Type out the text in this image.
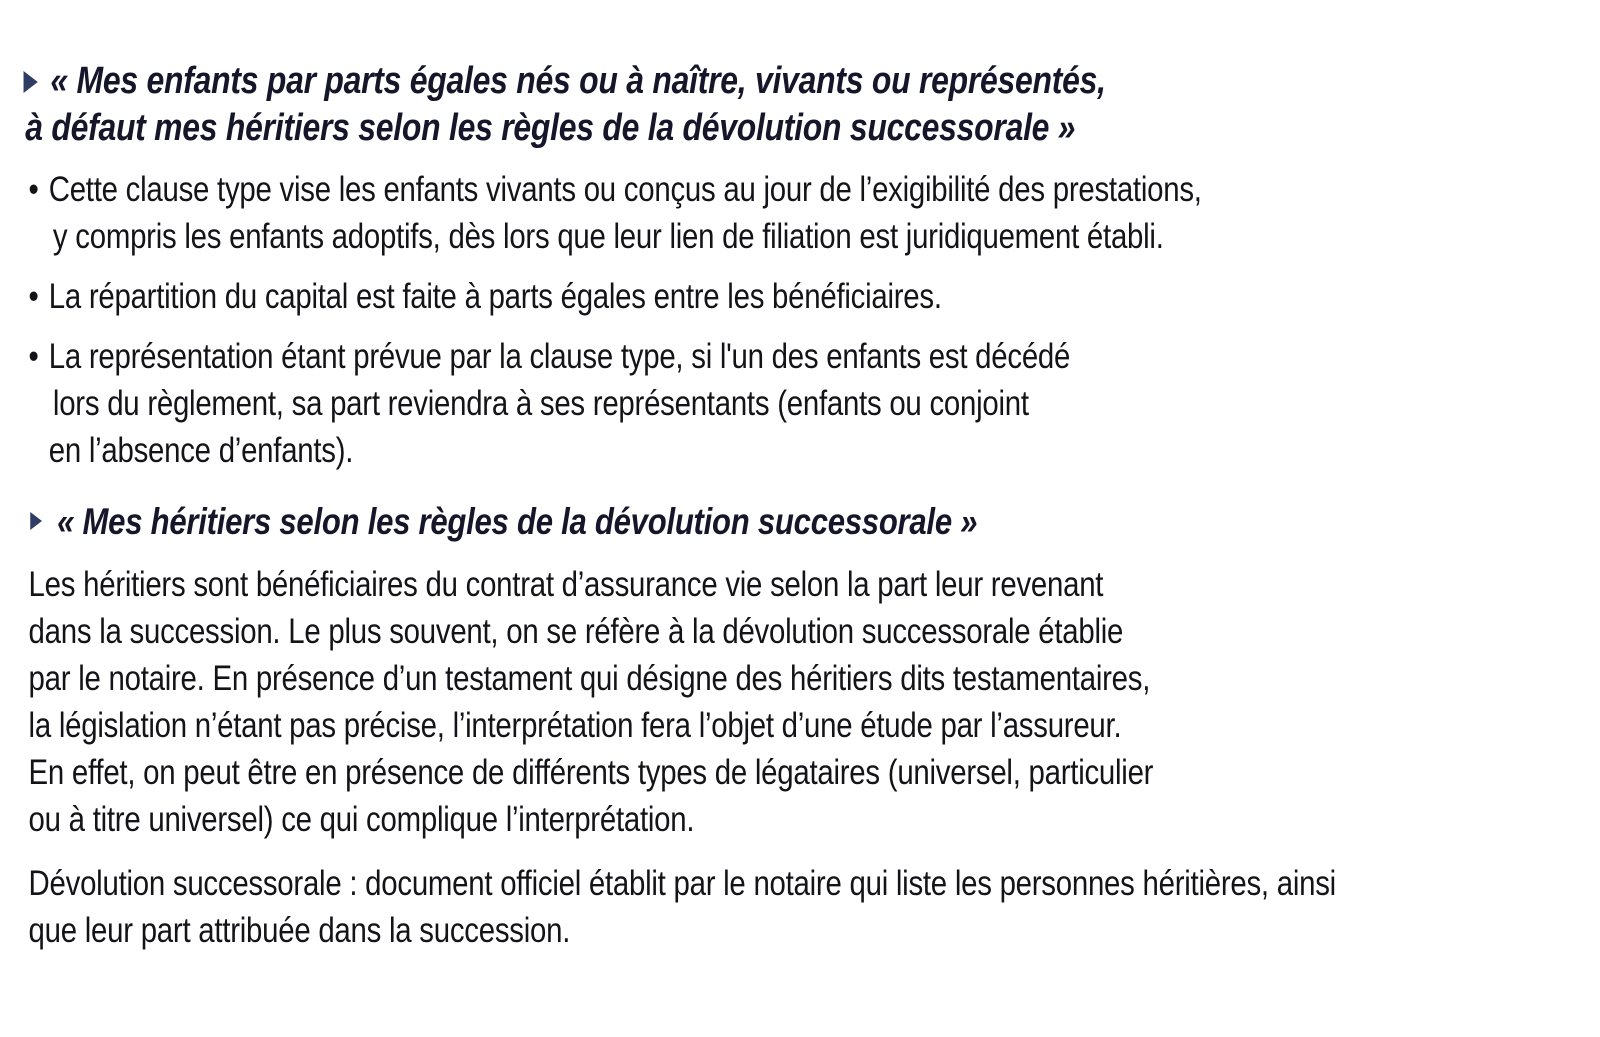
« Mes enfants par parts égales nés ou à naître, vivants ou représentés,
à défaut mes héritiers selon les règles de la dévolution successorale »
• Cette clause type vise les enfants vivants ou conçus au jour de l’exigibilité des prestations,
y compris les enfants adoptifs, dès lors que leur lien de filiation est juridiquement établi.
• La répartition du capital est faite à parts égales entre les bénéficiaires.
• La représentation étant prévue par la clause type, si l'un des enfants est décédé
lors du règlement, sa part reviendra à ses représentants (enfants ou conjoint
en l’absence d’enfants).
« Mes héritiers selon les règles de la dévolution successorale »
Les héritiers sont bénéficiaires du contrat d’assurance vie selon la part leur revenant
dans la succession. Le plus souvent, on se réfère à la dévolution successorale établie
par le notaire. En présence d’un testament qui désigne des héritiers dits testamentaires,
la législation n’étant pas précise, l’interprétation fera l’objet d’une étude par l’assureur.
En effet, on peut être en présence de différents types de légataires (universel, particulier
ou à titre universel) ce qui complique l’interprétation.
Dévolution successorale : document officiel établit par le notaire qui liste les personnes héritières, ainsi
que leur part attribuée dans la succession.
